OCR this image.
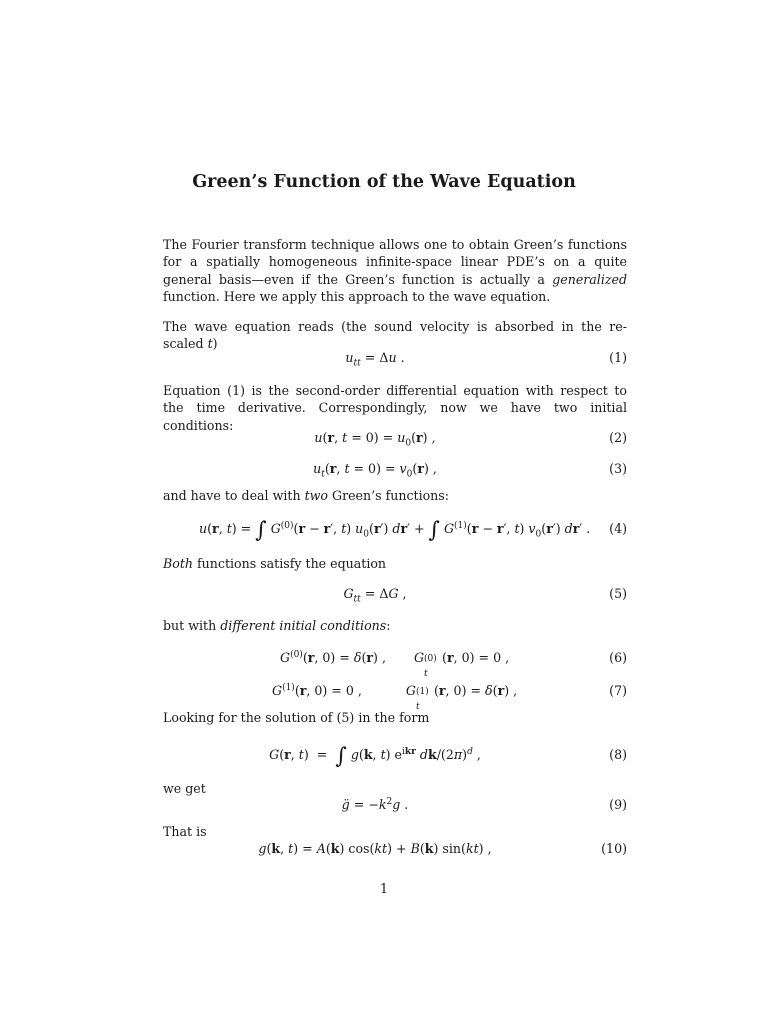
Green’s Function of the Wave Equation
The Fourier transform technique allows one to obtain Green’s functions for a spatially homogeneous infinite-space linear PDE’s on a quite general basis—even if the Green’s function is actually a generalized function. Here we apply this approach to the wave equation.
The wave equation reads (the sound velocity is absorbed in the re-scaled t)
$u_{tt} = \Delta u$ .	(1)
Equation (1) is the second-order differential equation with respect to the time derivative. Correspondingly, now we have two initial conditions:
u(r, $t = 0) = u_0(r)$ ,	(2)
$u_t(r$, $t = 0) = v_0(r)$ ,	(3)
and have to deal with two Green’s functions:
u(r, t) = ∫ $G^{(0)}(r - r'$, t) $u_0(r') dr'$ + ∫ $G^{(1)}(r - r'$, t) $v_0(r')$ dr′ . (4)
Both functions satisfy the equation
$G_{tt} = \Delta G$ ,	(5)
but with different initial conditions:
$G^{(0)}(r$, 0) = δ(r) ,       G (0)
t
(r, 0) = 0 ,	(6)
$G^{(1)}(r$, 0) = 0 ,           G (1)
t
(r, 0) = δ(r) ,	(7)
Looking for the solution of (5) in the form
G(r, t)  =  ∫ g(k, t) $e^{ikr}$ $dk/(2\pi)^d$ ,	(8)
we get
g̈ = $-k^2g$ .	(9)
That is
g(k, t) = A(k) cos(kt) + B(k) sin(kt) ,	(10)
1
